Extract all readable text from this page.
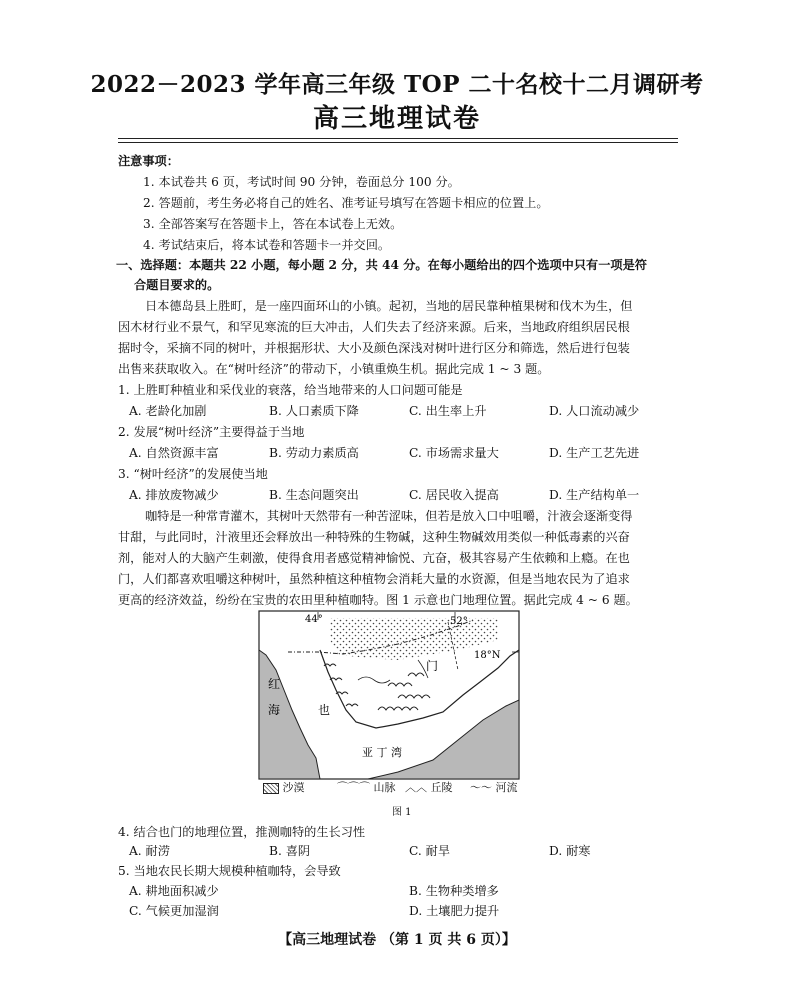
2022－2023 学年高三年级 TOP 二十名校十二月调研考
高三地理试卷
注意事项：
1. 本试卷共 6 页，考试时间 90 分钟，卷面总分 100 分。
2. 答题前，考生务必将自己的姓名、准考证号填写在答题卡相应的位置上。
3. 全部答案写在答题卡上，答在本试卷上无效。
4. 考试结束后，将本试卷和答题卡一并交回。
一、选择题：本题共 22 小题，每小题 2 分，共 44 分。在每小题给出的四个选项中只有一项是符
合题目要求的。
日本德岛县上胜町，是一座四面环山的小镇。起初，当地的居民靠种植果树和伐木为生，但
因木材行业不景气，和罕见寒流的巨大冲击，人们失去了经济来源。后来，当地政府组织居民根
据时令，采摘不同的树叶，并根据形状、大小及颜色深浅对树叶进行区分和筛选，然后进行包装
出售来获取收入。在“树叶经济”的带动下，小镇重焕生机。据此完成 1 ~ 3 题。
1. 上胜町种植业和采伐业的衰落，给当地带来的人口问题可能是
A. 老龄化加剧	B. 人口素质下降	C. 出生率上升	D. 人口流动减少
2. 发展“树叶经济”主要得益于当地
A. 自然资源丰富	B. 劳动力素质高	C. 市场需求量大	D. 生产工艺先进
3. “树叶经济”的发展使当地
A. 排放废物减少	B. 生态问题突出	C. 居民收入提高	D. 生产结构单一
咖特是一种常青灌木，其树叶天然带有一种苦涩味，但若是放入口中咀嚼，汁液会逐渐变得
甘甜，与此同时，汁液里还会释放出一种特殊的生物碱，这种生物碱效用类似一种低毒素的兴奋
剂，能对人的大脑产生刺激，使得食用者感觉精神愉悦、亢奋，极其容易产生依赖和上瘾。在也
门，人们都喜欢咀嚼这种树叶，虽然种植这种植物会消耗大量的水资源，但是当地农民为了追求
更高的经济效益，纷纷在宝贵的农田里种植咖特。图 1 示意也门地理位置。据此完成 4 ~ 6 题。
44°	52°
18°N
红
海	也
门
亚 丁 湾
沙漠	⌒⌒⌒ 山脉 ︿︿ 丘陵 〜〜 河流
图 1
4. 结合也门的地理位置，推测咖特的生长习性
A. 耐涝	B. 喜阴	C. 耐旱	D. 耐寒
5. 当地农民长期大规模种植咖特，会导致
A. 耕地面积减少	B. 生物种类增多
C. 气候更加湿润	D. 土壤肥力提升
【高三地理试卷 （第 1 页 共 6 页）】
